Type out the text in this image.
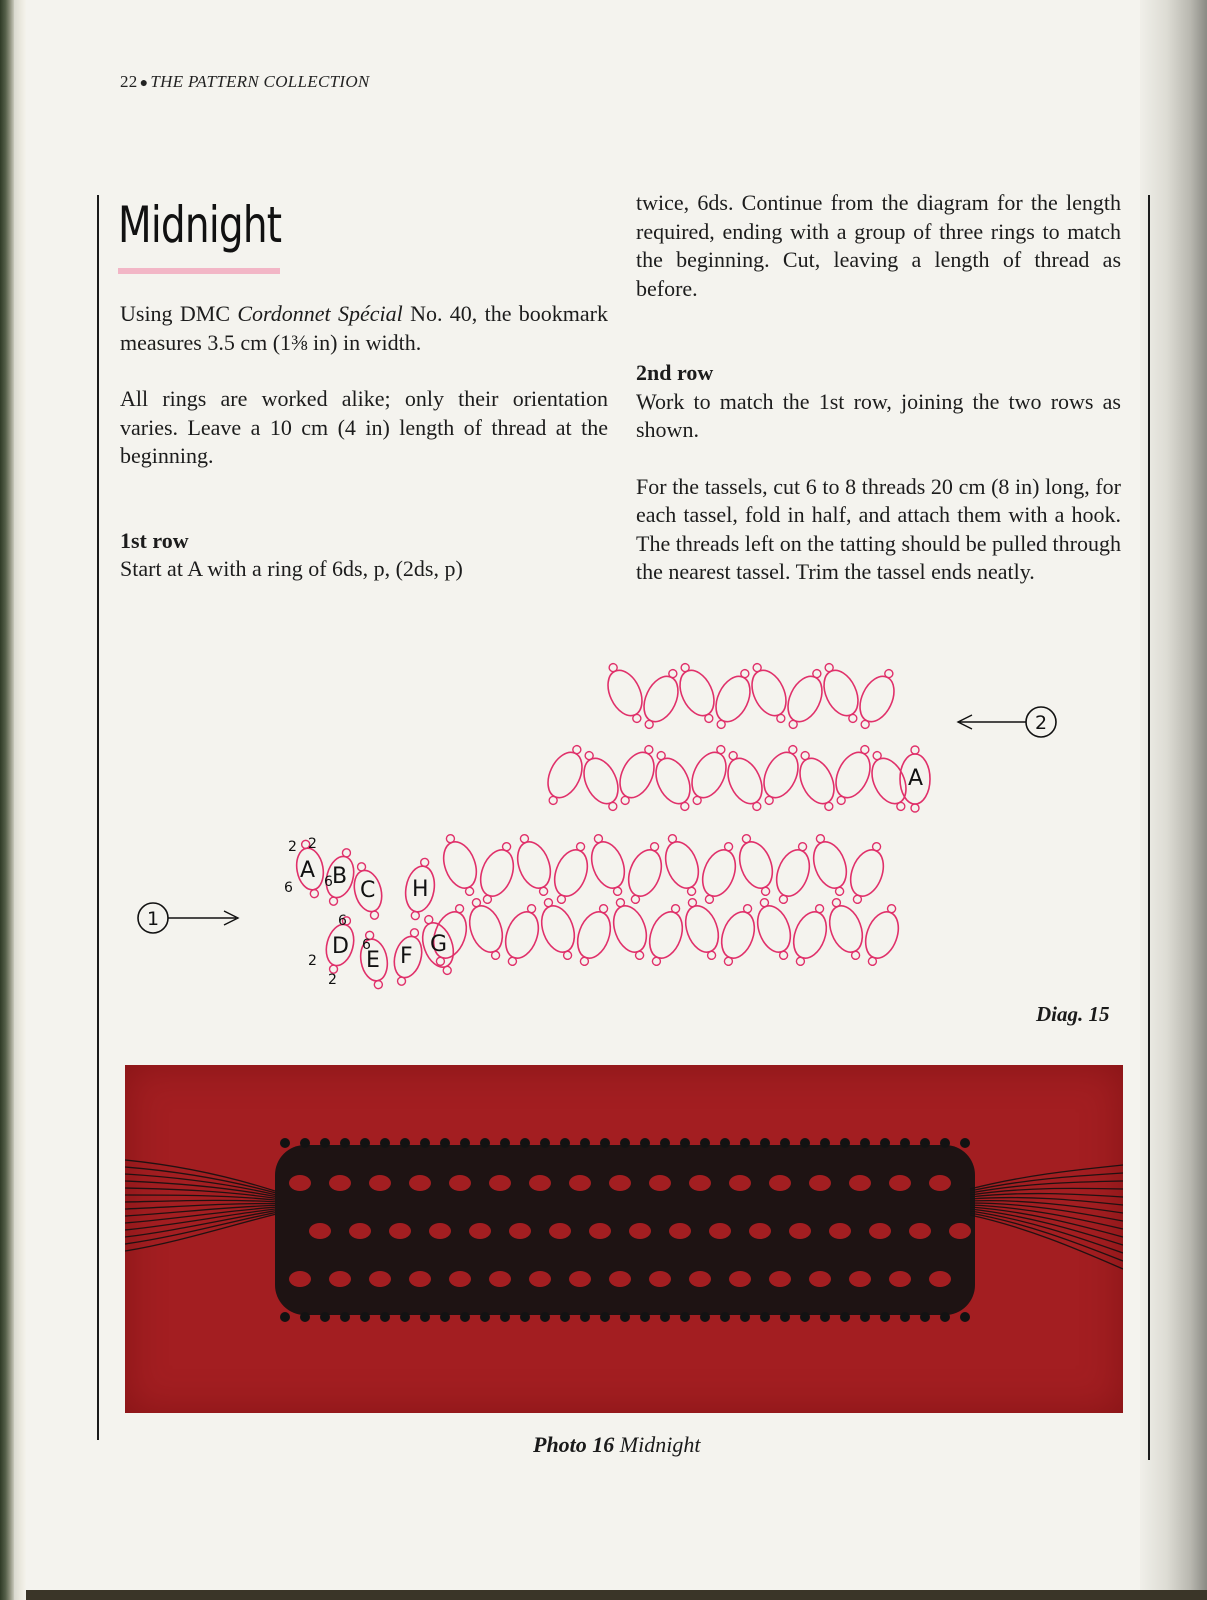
22 ● THE PATTERN COLLECTION
Midnight

Using DMC Cordonnet Spécial No. 40, the bookmark measures 3.5 cm (1⅜ in) in width.

All rings are worked alike; only their orientation varies. Leave a 10 cm (4 in) length of thread at the beginning.

1st row

Start at A with a ring of 6ds, p, (2ds, p)

twice, 6ds. Continue from the diagram for the length required, ending with a group of three rings to match the beginning. Cut, leaving a length of thread as before.

2nd row

Work to match the 1st row, joining the two rows as shown.

For the tassels, cut 6 to 8 threads 20 cm (8 in) long, for each tassel, fold in half, and attach them with a hook. The threads left on the tatting should be pulled through the nearest tassel. Trim the tassel ends neatly.

1
2
A B
C H
D
E F G
A
2 2
6 6
6
2
2
6
Diag. 15
Photo 16 Midnight
